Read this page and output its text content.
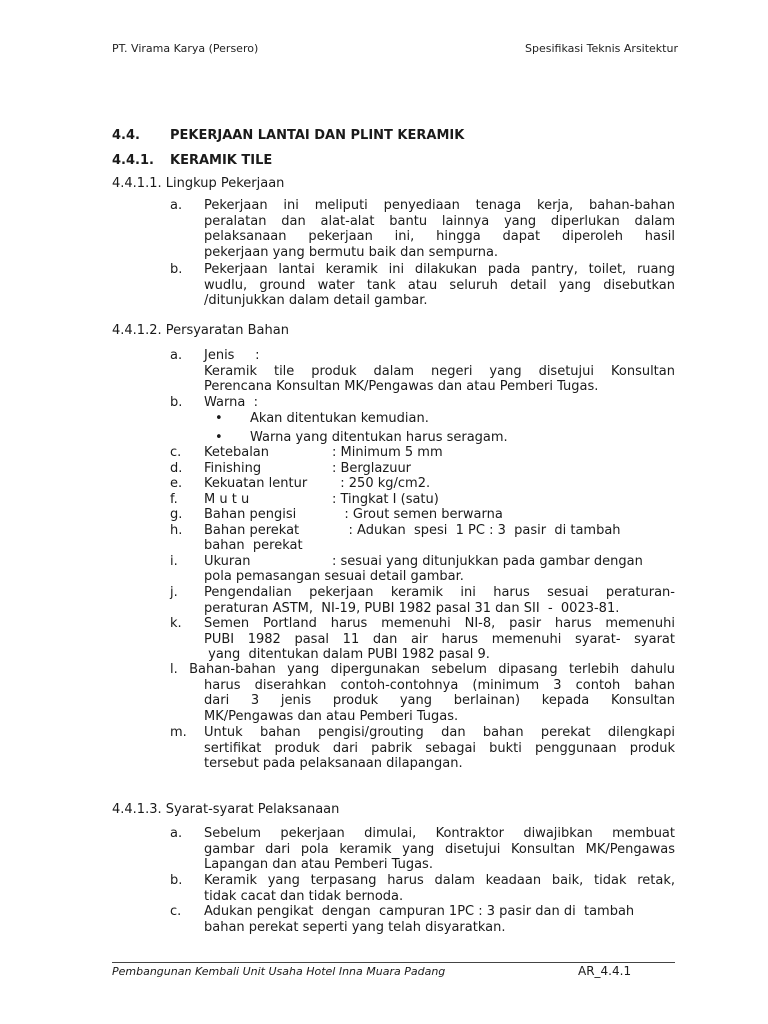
PT. Virama Karya (Persero)	Spesifikasi Teknis Arsitektur
4.4. PEKERJAAN LANTAI DAN PLINT KERAMIK
4.4.1. KERAMIK TILE
4.4.1.1. Lingkup Pekerjaan
a.	Pekerjaan ini meliputi penyediaan tenaga kerja, bahan-bahan
peralatan dan alat-alat bantu lainnya yang diperlukan dalam
pelaksanaan pekerjaan ini, hingga dapat diperoleh hasil
pekerjaan yang bermutu baik dan sempurna.
b.	Pekerjaan lantai keramik ini dilakukan pada pantry, toilet, ruang
wudlu, ground water tank atau seluruh detail yang disebutkan
/ditunjukkan dalam detail gambar.
4.4.1.2. Persyaratan Bahan
a.	Jenis     :
Keramik tile produk dalam negeri yang disetujui Konsultan
Perencana Konsultan MK/Pengawas dan atau Pemberi Tugas.
b.	Warna  :
• Akan ditentukan kemudian.
• Warna yang ditentukan harus seragam.
c. Ketebalan	: Minimum 5 mm
d. Finishing	: Berglazuur
e. Kekuatan lentur  : 250 kg/cm2.
f. M u t u	: Tingkat I (satu)
g. Bahan pengisi	: Grout semen berwarna
h. Bahan perekat	: Adukan  spesi  1 PC : 3  pasir  di tambah
bahan  perekat
i. Ukuran	: sesuai yang ditunjukkan pada gambar dengan
pola pemasangan sesuai detail gambar.
j.	Pengendalian pekerjaan keramik ini harus sesuai peraturan-
peraturan ASTM,  NI-19, PUBI 1982 pasal 31 dan SII  -  0023-81.
k.	Semen Portland harus memenuhi NI-8, pasir harus memenuhi
PUBI 1982 pasal 11 dan air harus memenuhi syarat- syarat
yang  ditentukan dalam PUBI 1982 pasal 9.
l. Bahan-bahan yang dipergunakan sebelum dipasang terlebih dahulu
harus diserahkan contoh-contohnya (minimum 3 contoh bahan
dari 3 jenis produk yang berlainan) kepada Konsultan
MK/Pengawas dan atau Pemberi Tugas.
m.	Untuk bahan pengisi/grouting dan bahan perekat dilengkapi
sertifikat produk dari pabrik sebagai bukti penggunaan produk
tersebut pada pelaksanaan dilapangan.
4.4.1.3. Syarat-syarat Pelaksanaan
a.	Sebelum pekerjaan dimulai, Kontraktor diwajibkan membuat
gambar dari pola keramik yang disetujui Konsultan MK/Pengawas
Lapangan dan atau Pemberi Tugas.
b.	Keramik yang terpasang harus dalam keadaan baik, tidak retak,
tidak cacat dan tidak bernoda.
c.	Adukan pengikat  dengan  campuran 1PC : 3 pasir dan di  tambah
bahan perekat seperti yang telah disyaratkan.
Pembangunan Kembali Unit Usaha Hotel Inna Muara Padang	AR_4.4.1
